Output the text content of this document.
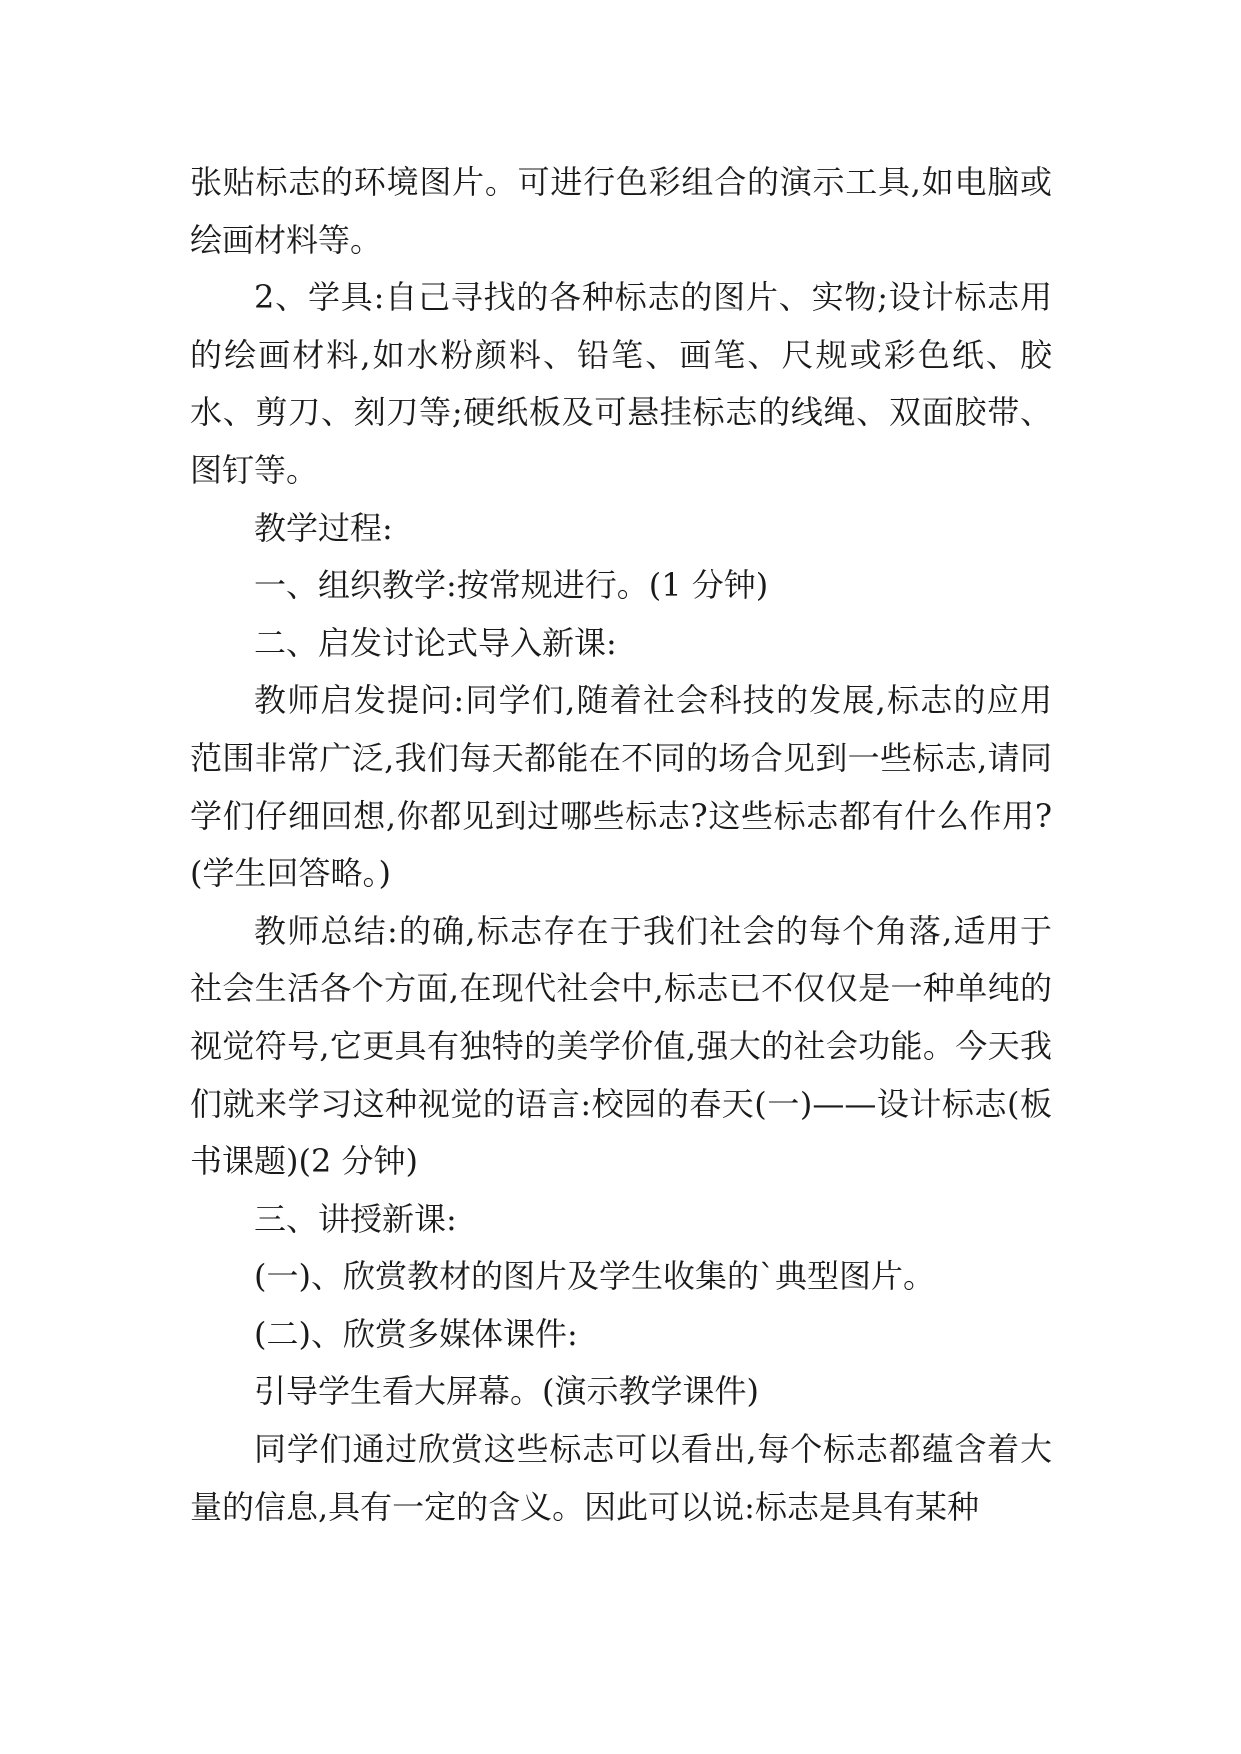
张贴标志的环境图片。可进行色彩组合的演示工具,如电脑或绘画材料等。

2、学具:自己寻找的各种标志的图片、实物;设计标志用的绘画材料,如水粉颜料、铅笔、画笔、尺规或彩色纸、胶水、剪刀、刻刀等;硬纸板及可悬挂标志的线绳、双面胶带、图钉等。

教学过程:

一、组织教学:按常规进行。(1 分钟)

二、启发讨论式导入新课:

教师启发提问:同学们,随着社会科技的发展,标志的应用范围非常广泛,我们每天都能在不同的场合见到一些标志,请同学们仔细回想,你都见到过哪些标志?这些标志都有什么作用?(学生回答略。)

教师总结:的确,标志存在于我们社会的每个角落,适用于社会生活各个方面,在现代社会中,标志已不仅仅是一种单纯的视觉符号,它更具有独特的美学价值,强大的社会功能。今天我们就来学习这种视觉的语言:校园的春天(一)——设计标志(板书课题)(2 分钟)

三、讲授新课:

(一)、欣赏教材的图片及学生收集的`典型图片。

(二)、欣赏多媒体课件:

引导学生看大屏幕。(演示教学课件)

同学们通过欣赏这些标志可以看出,每个标志都蕴含着大量的信息,具有一定的含义。因此可以说:标志是具有某种
